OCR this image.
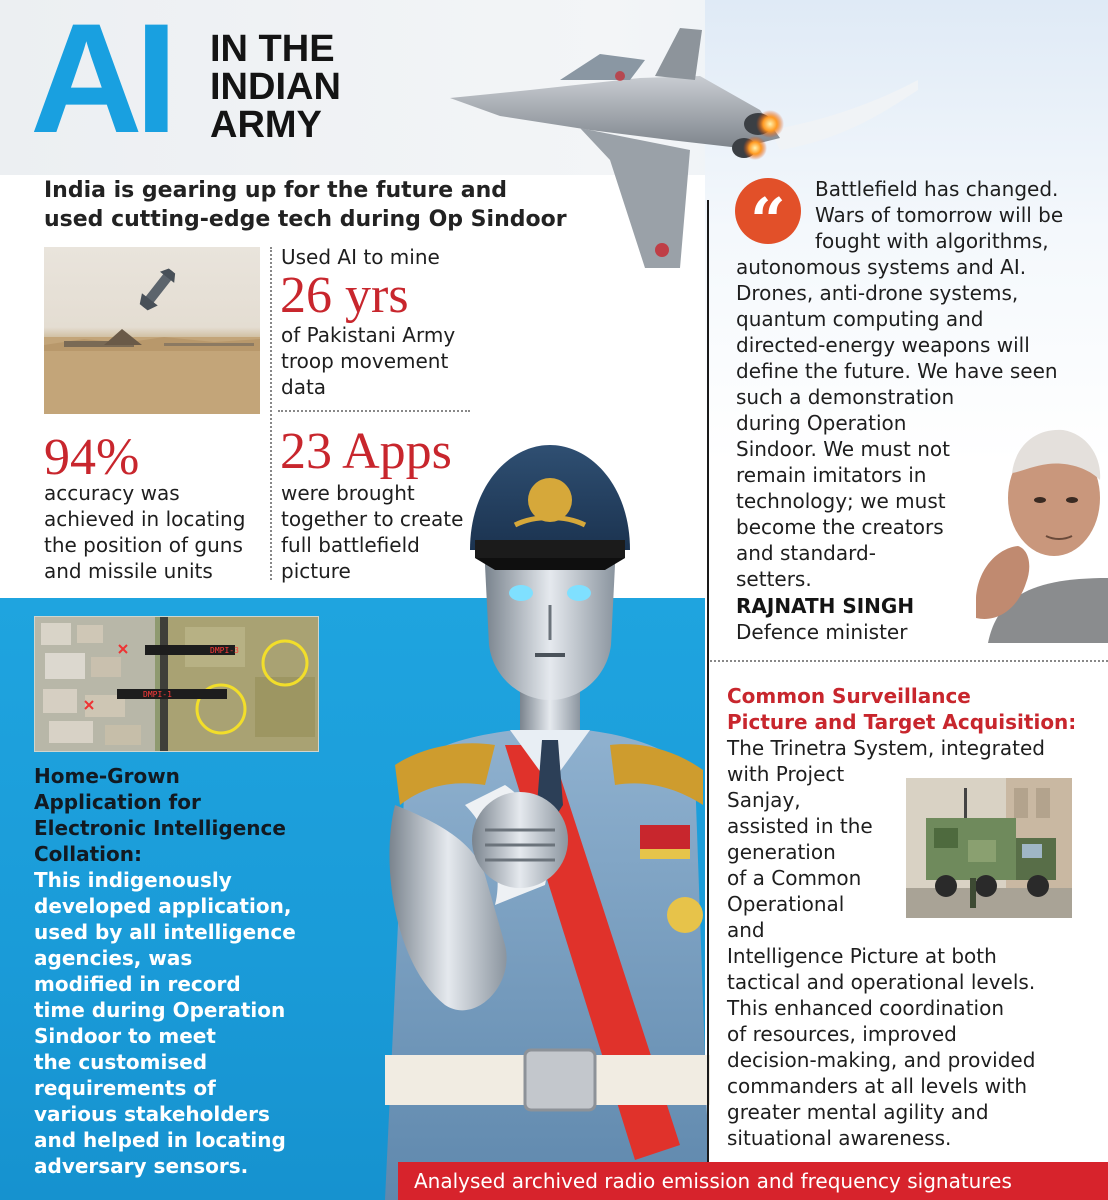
AI IN THE
INDIAN
ARMY
India is gearing up for the future and
used cutting-edge tech during Op Sindoor
Used AI to mine
26 yrs
of Pakistani Army
troop movement
data
94%
accuracy was
achieved in locating
the position of guns
and missile units
23 Apps
were brought
together to create
full battlefield
picture
DMPI-3
DMPI-1
Home-Grown
Application for
Electronic Intelligence
Collation:
This indigenously
developed application,
used by all intelligence
agencies, was
modified in record
time during Operation
Sindoor to meet
the customised
requirements of
various stakeholders
and helped in locating
adversary sensors.
“	Battlefield has changed.
Wars of tomorrow will be
fought with algorithms,
autonomous systems and AI.
Drones, anti-drone systems,
quantum computing and
directed-energy weapons will
define the future. We have seen
such a demonstration
during Operation
Sindoor. We must not
remain imitators in
technology; we must
become the creators
and standard-
setters.
RAJNATH SINGH
Defence minister
Common Surveillance
Picture and Target Acquisition:
The Trinetra System, integrated
with Project
Sanjay,
assisted in the
generation
of a Common
Operational
and
Intelligence Picture at both
tactical and operational levels.
This enhanced coordination
of resources, improved
decision-making, and provided
commanders at all levels with
greater mental agility and
situational awareness.
Analysed archived radio emission and frequency signatures
